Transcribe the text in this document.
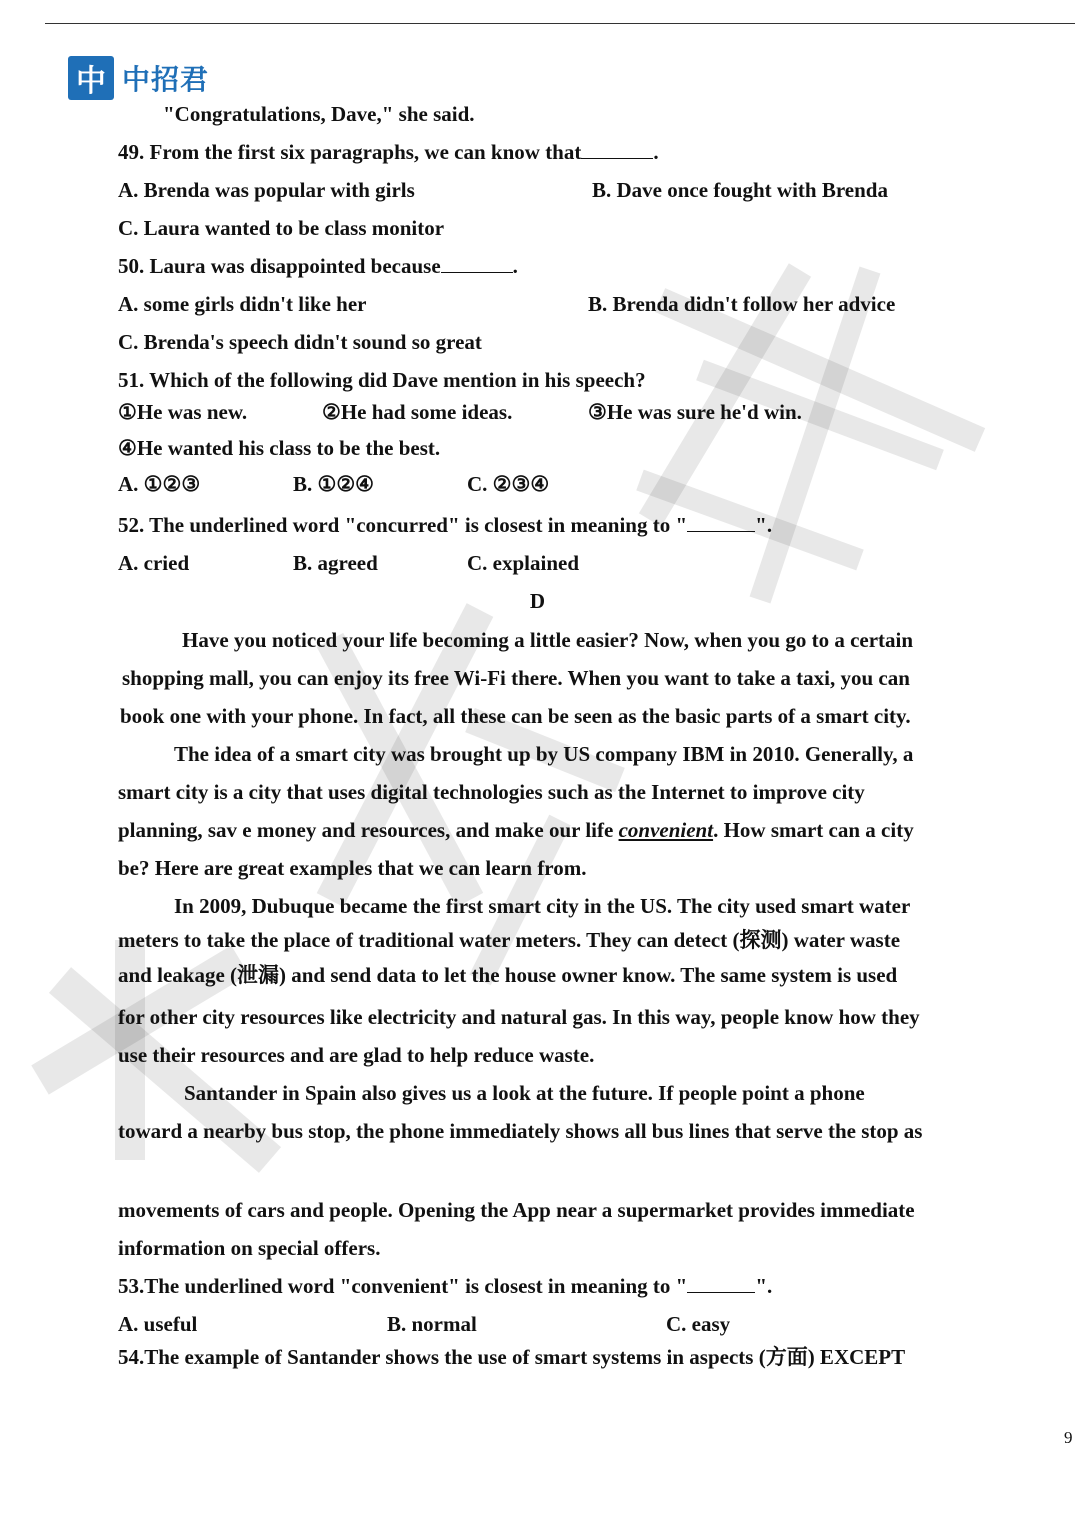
中 中招君
"Congratulations, Dave," she said.
49. From the first six paragraphs, we can know that	.
A. Brenda was popular with girls	B. Dave once fought with Brenda
C. Laura wanted to be class monitor
50. Laura was disappointed because	.
A. some girls didn't like her	B. Brenda didn't follow her advice
C. Brenda's speech didn't sound so great
51. Which of the following did Dave mention in his speech?
①He was new.	②He had some ideas.	③He was sure he'd win.
④He wanted his class to be the best.
A. ①②③	B. ①②④	C. ②③④
52. The underlined word "concurred" is closest in meaning to "	".
A. cried	B. agreed	C. explained
D
Have you noticed your life becoming a little easier? Now, when you go to a certain
shopping mall, you can enjoy its free Wi-Fi there. When you want to take a taxi, you can
book one with your phone. In fact, all these can be seen as the basic parts of a smart city.
The idea of a smart city was brought up by US company IBM in 2010. Generally, a
smart city is a city that uses digital technologies such as the Internet to improve city
planning, sav e money and resources, and make our life convenient. How smart can a city
be? Here are great examples that we can learn from.
In 2009, Dubuque became the first smart city in the US. The city used smart water
meters to take the place of traditional water meters. They can detect (探测) water waste
and leakage (泄漏) and send data to let the house owner know. The same system is used
for other city resources like electricity and natural gas. In this way, people know how they
use their resources and are glad to help reduce waste.
Santander in Spain also gives us a look at the future. If people point a phone
toward a nearby bus stop, the phone immediately shows all bus lines that serve the stop as
movements of cars and people. Opening the App near a supermarket provides immediate
information on special offers.
53.The underlined word "convenient" is closest in meaning to "	".
A. useful	B. normal	C. easy
54.The example of Santander shows the use of smart systems in aspects (方面) EXCEPT
9
